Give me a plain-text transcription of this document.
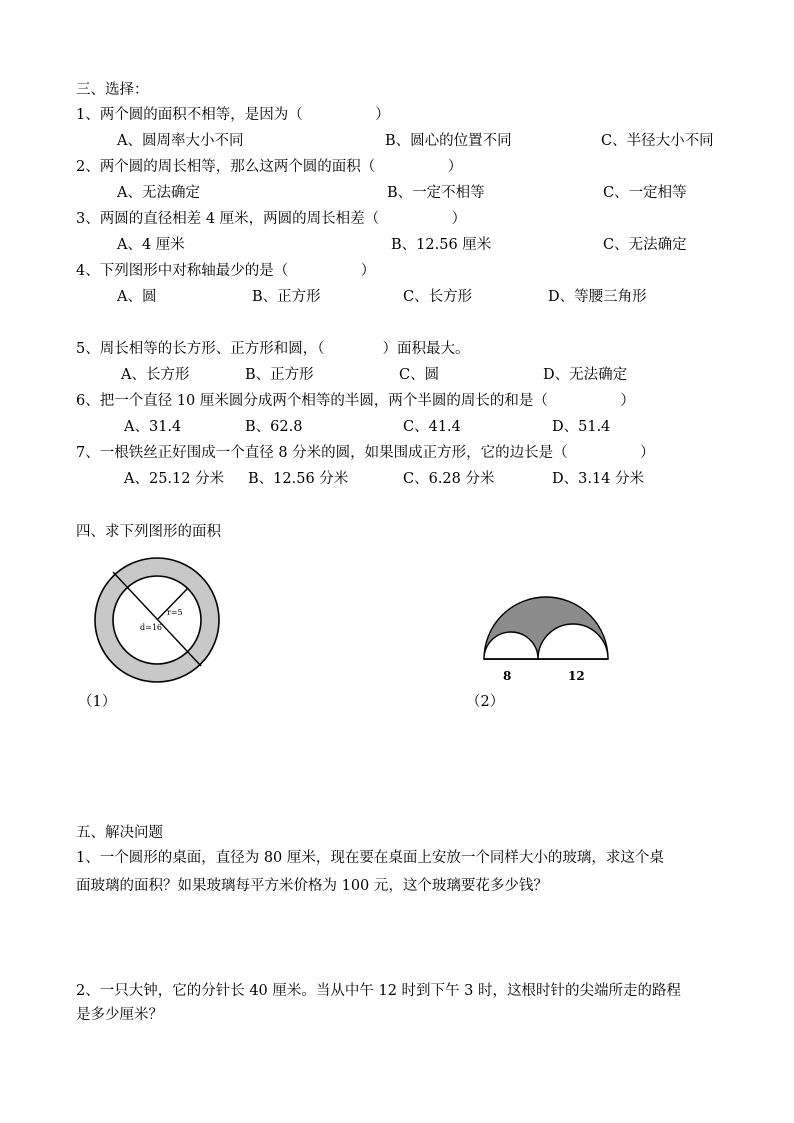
三、选择：
1、两个圆的面积不相等，是因为（　　　　　）
A、圆周率大小不同	B、圆心的位置不同	C、半径大小不同
2、两个圆的周长相等，那么这两个圆的面积（　　　　　）
A、无法确定	B、一定不相等	C、一定相等
3、两圆的直径相差 4 厘米，两圆的周长相差（　　　　　）
A、4 厘米	B、12.56 厘米	C、无法确定
4、下列图形中对称轴最少的是（　　　　　）
A、圆	B、正方形	C、长方形	D、等腰三角形
5、周长相等的长方形、正方形和圆，（　　　　）面积最大。
A、长方形	B、正方形	C、圆	D、无法确定
6、把一个直径 10 厘米圆分成两个相等的半圆，两个半圆的周长的和是（　　　　　）
A、31.4	B、62.8	C、41.4	D、51.4
7、一根铁丝正好围成一个直径 8 分米的圆，如果围成正方形，它的边长是（　　　　　）
A、25.12 分米 B、12.56 分米	C、6.28 分米	D、3.14 分米
四、求下列图形的面积
r=5
d=16
（1）
8	12
（2）
五、解决问题
1、一个圆形的桌面，直径为 80 厘米，现在要在桌面上安放一个同样大小的玻璃，求这个桌
面玻璃的面积？如果玻璃每平方米价格为 100 元，这个玻璃要花多少钱？
2、一只大钟，它的分针长 40 厘米。当从中午 12 时到下午 3 时，这根时针的尖端所走的路程
是多少厘米？
